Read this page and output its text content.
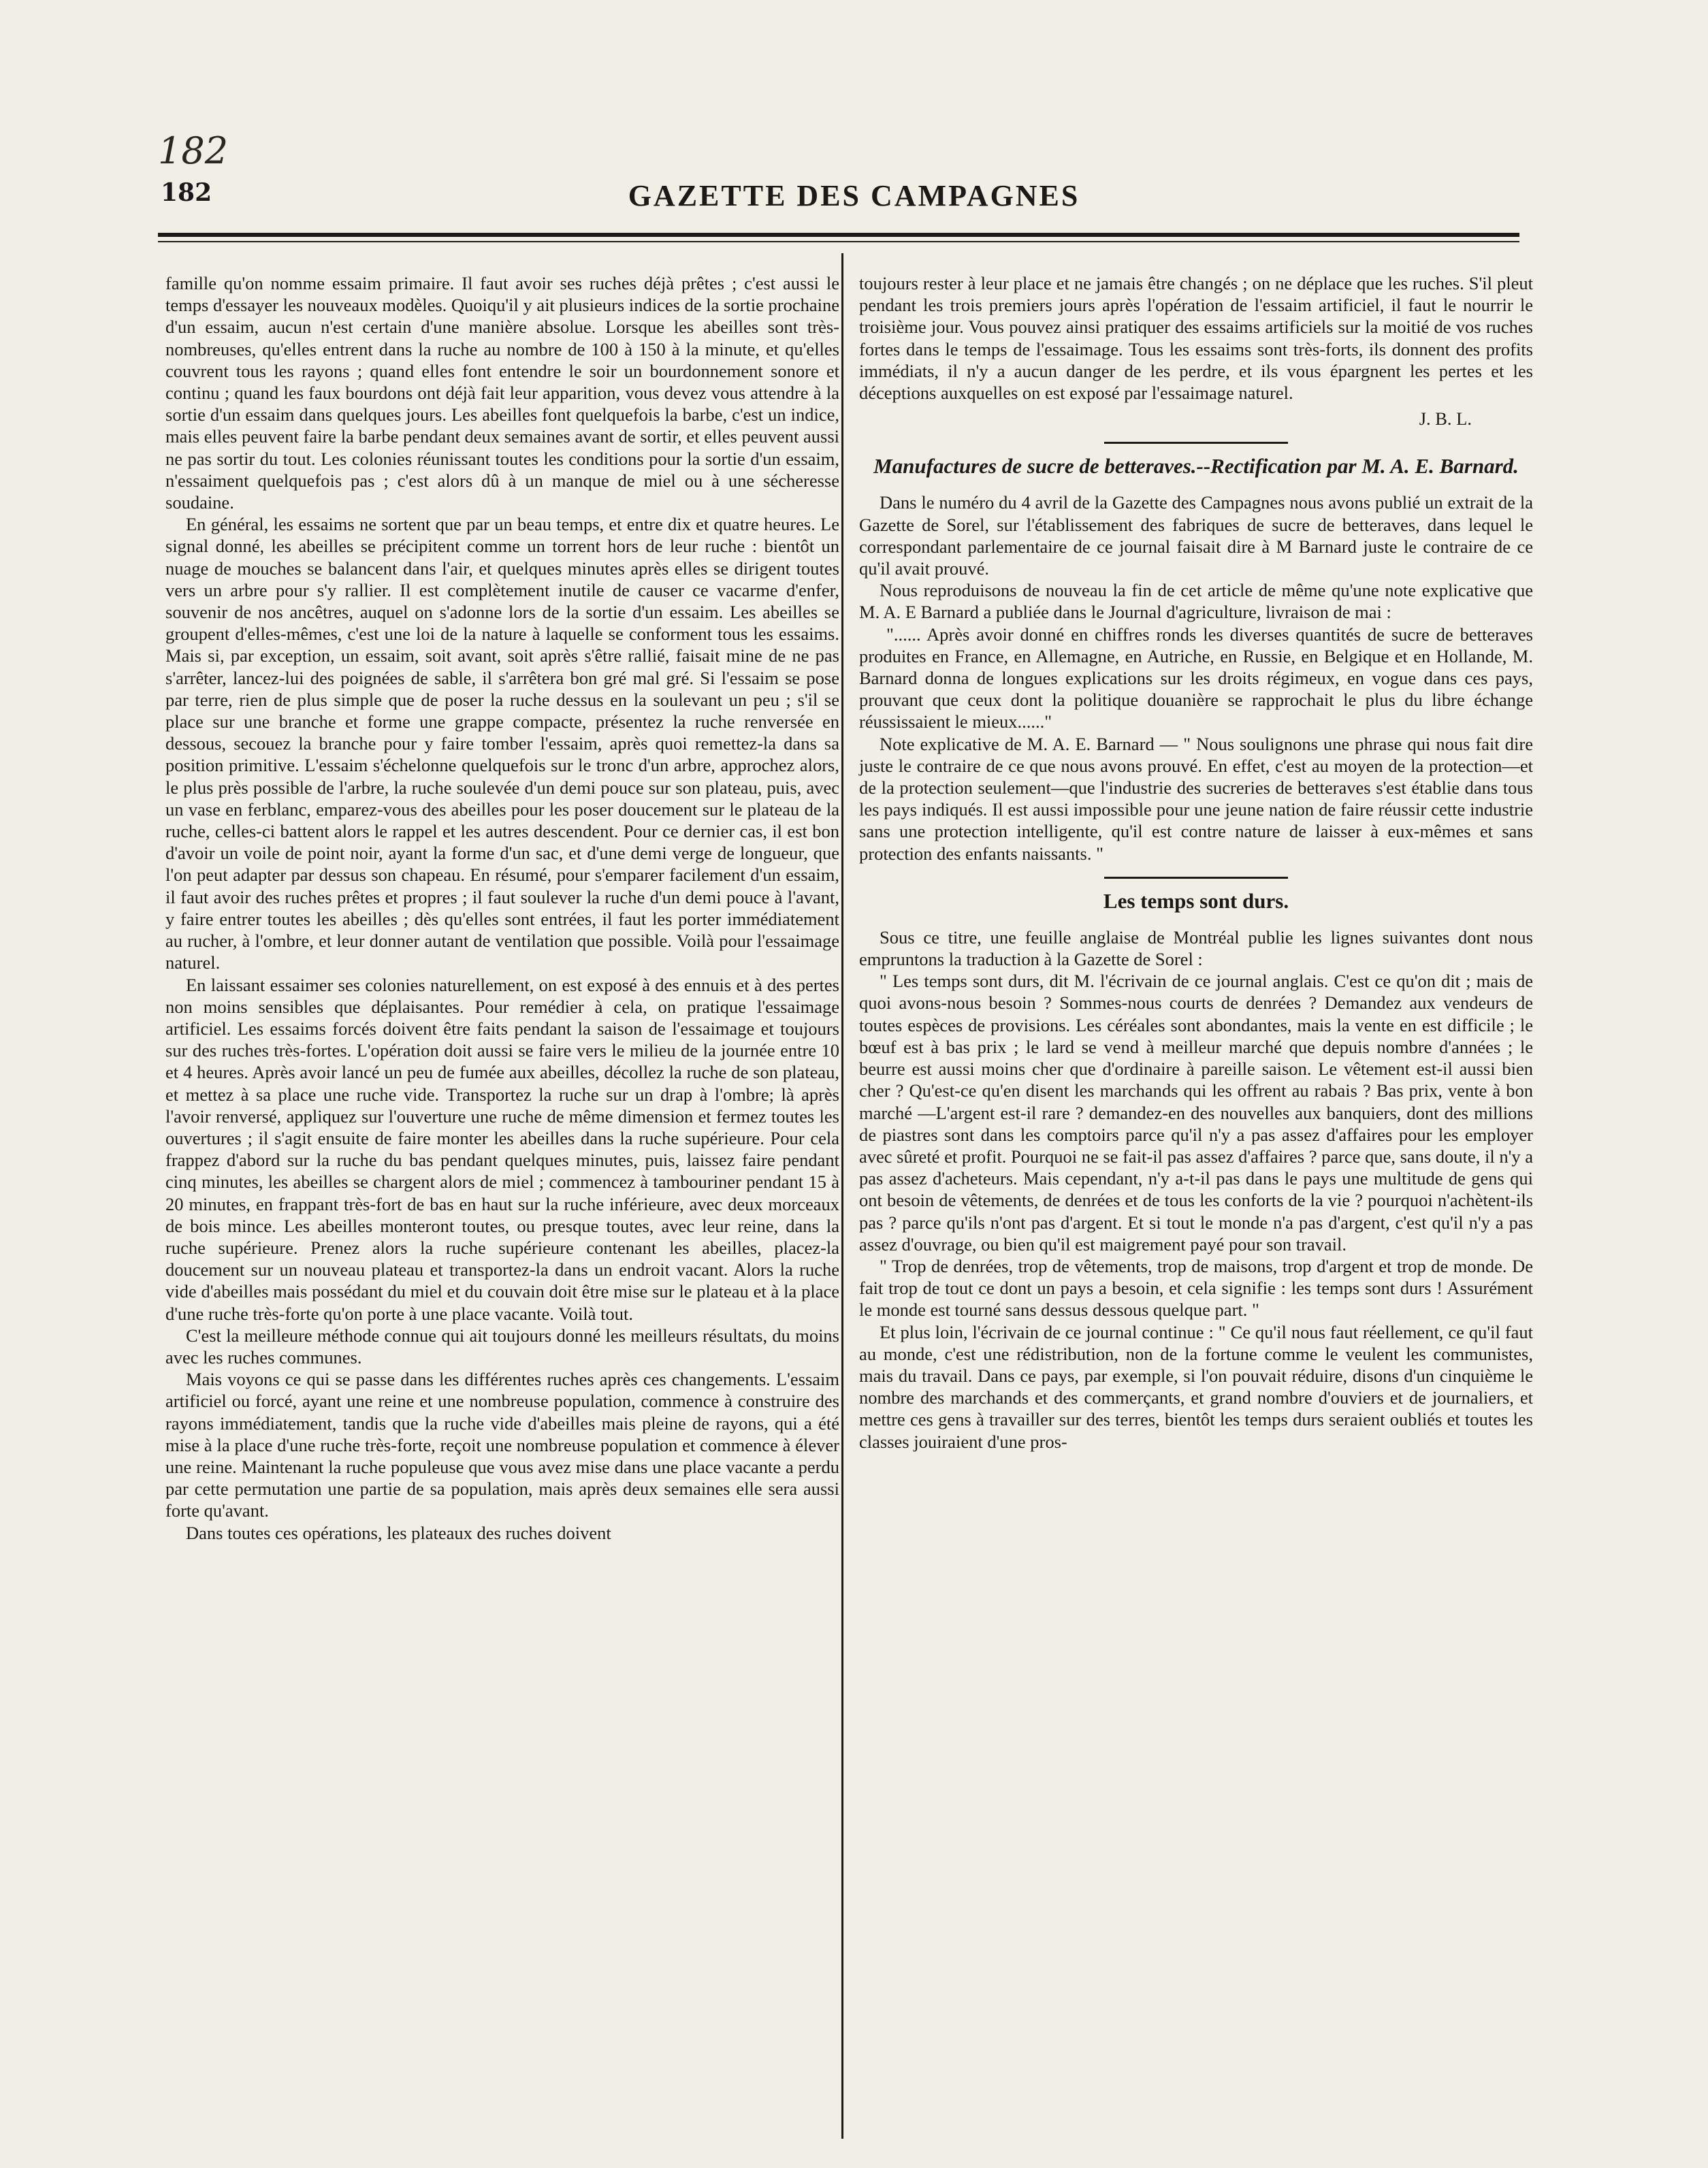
182
182	GAZETTE DES CAMPAGNES

famille qu'on nomme essaim primaire. Il faut avoir ses ruches déjà prêtes ; c'est aussi le temps d'essayer les nouveaux modèles. Quoiqu'il y ait plusieurs indices de la sortie prochaine d'un essaim, aucun n'est certain d'une manière absolue. Lorsque les abeilles sont très-nombreuses, qu'elles entrent dans la ruche au nombre de 100 à 150 à la minute, et qu'elles couvrent tous les rayons ; quand elles font entendre le soir un bourdonnement sonore et continu ; quand les faux bourdons ont déjà fait leur apparition, vous devez vous attendre à la sortie d'un essaim dans quelques jours. Les abeilles font quelquefois la barbe, c'est un indice, mais elles peuvent faire la barbe pendant deux semaines avant de sortir, et elles peuvent aussi ne pas sortir du tout. Les colonies réunissant toutes les conditions pour la sortie d'un essaim, n'essaiment quelquefois pas ; c'est alors dû à un manque de miel ou à une sécheresse soudaine.

En général, les essaims ne sortent que par un beau temps, et entre dix et quatre heures. Le signal donné, les abeilles se précipitent comme un torrent hors de leur ruche : bientôt un nuage de mouches se balancent dans l'air, et quelques minutes après elles se dirigent toutes vers un arbre pour s'y rallier. Il est complètement inutile de causer ce vacarme d'enfer, souvenir de nos ancêtres, auquel on s'adonne lors de la sortie d'un essaim. Les abeilles se groupent d'elles-mêmes, c'est une loi de la nature à laquelle se conforment tous les essaims. Mais si, par exception, un essaim, soit avant, soit après s'être rallié, faisait mine de ne pas s'arrêter, lancez-lui des poignées de sable, il s'arrêtera bon gré mal gré. Si l'essaim se pose par terre, rien de plus simple que de poser la ruche dessus en la soulevant un peu ; s'il se place sur une branche et forme une grappe compacte, présentez la ruche renversée en dessous, secouez la branche pour y faire tomber l'essaim, après quoi remettez-la dans sa position primitive. L'essaim s'échelonne quelquefois sur le tronc d'un arbre, approchez alors, le plus près possible de l'arbre, la ruche soulevée d'un demi pouce sur son plateau, puis, avec un vase en ferblanc, emparez-vous des abeilles pour les poser doucement sur le plateau de la ruche, celles-ci battent alors le rappel et les autres descendent. Pour ce dernier cas, il est bon d'avoir un voile de point noir, ayant la forme d'un sac, et d'une demi verge de longueur, que l'on peut adapter par dessus son chapeau. En résumé, pour s'emparer facilement d'un essaim, il faut avoir des ruches prêtes et propres ; il faut soulever la ruche d'un demi pouce à l'avant, y faire entrer toutes les abeilles ; dès qu'elles sont entrées, il faut les porter immédiatement au rucher, à l'ombre, et leur donner autant de ventilation que possible. Voilà pour l'essaimage naturel.

En laissant essaimer ses colonies naturellement, on est exposé à des ennuis et à des pertes non moins sensibles que déplaisantes. Pour remédier à cela, on pratique l'essaimage artificiel. Les essaims forcés doivent être faits pendant la saison de l'essaimage et toujours sur des ruches très-fortes. L'opération doit aussi se faire vers le milieu de la journée entre 10 et 4 heures. Après avoir lancé un peu de fumée aux abeilles, décollez la ruche de son plateau, et mettez à sa place une ruche vide. Transportez la ruche sur un drap à l'ombre; là après l'avoir renversé, appliquez sur l'ouverture une ruche de même dimension et fermez toutes les ouvertures ; il s'agit ensuite de faire monter les abeilles dans la ruche supérieure. Pour cela frappez d'abord sur la ruche du bas pendant quelques minutes, puis, laissez faire pendant cinq minutes, les abeilles se chargent alors de miel ; commencez à tambouriner pendant 15 à 20 minutes, en frappant très-fort de bas en haut sur la ruche inférieure, avec deux morceaux de bois mince. Les abeilles monteront toutes, ou presque toutes, avec leur reine, dans la ruche supérieure. Prenez alors la ruche supérieure contenant les abeilles, placez-la doucement sur un nouveau plateau et transportez-la dans un endroit vacant. Alors la ruche vide d'abeilles mais possédant du miel et du couvain doit être mise sur le plateau et à la place d'une ruche très-forte qu'on porte à une place vacante. Voilà tout.

C'est la meilleure méthode connue qui ait toujours donné les meilleurs résultats, du moins avec les ruches communes.

Mais voyons ce qui se passe dans les différentes ruches après ces changements. L'essaim artificiel ou forcé, ayant une reine et une nombreuse population, commence à construire des rayons immédiatement, tandis que la ruche vide d'abeilles mais pleine de rayons, qui a été mise à la place d'une ruche très-forte, reçoit une nombreuse population et commence à élever une reine. Maintenant la ruche populeuse que vous avez mise dans une place vacante a perdu par cette permutation une partie de sa population, mais après deux semaines elle sera aussi forte qu'avant.

Dans toutes ces opérations, les plateaux des ruches doivent

toujours rester à leur place et ne jamais être changés ; on ne déplace que les ruches. S'il pleut pendant les trois premiers jours après l'opération de l'essaim artificiel, il faut le nourrir le troisième jour. Vous pouvez ainsi pratiquer des essaims artificiels sur la moitié de vos ruches fortes dans le temps de l'essaimage. Tous les essaims sont très-forts, ils donnent des profits immédiats, il n'y a aucun danger de les perdre, et ils vous épargnent les pertes et les déceptions auxquelles on est exposé par l'essaimage naturel.

J. B. L.

Manufactures de sucre de betteraves.--Rectification par M. A. E. Barnard.

Dans le numéro du 4 avril de la Gazette des Campagnes nous avons publié un extrait de la Gazette de Sorel, sur l'établissement des fabriques de sucre de betteraves, dans lequel le correspondant parlementaire de ce journal faisait dire à M Barnard juste le contraire de ce qu'il avait prouvé.

Nous reproduisons de nouveau la fin de cet article de même qu'une note explicative que M. A. E Barnard a publiée dans le Journal d'agriculture, livraison de mai :

"...... Après avoir donné en chiffres ronds les diverses quantités de sucre de betteraves produites en France, en Allemagne, en Autriche, en Russie, en Belgique et en Hollande, M. Barnard donna de longues explications sur les droits régimeux, en vogue dans ces pays, prouvant que ceux dont la politique douanière se rapprochait le plus du libre échange réussissaient le mieux......"

Note explicative de M. A. E. Barnard — " Nous soulignons une phrase qui nous fait dire juste le contraire de ce que nous avons prouvé. En effet, c'est au moyen de la protection—et de la protection seulement—que l'industrie des sucreries de betteraves s'est établie dans tous les pays indiqués. Il est aussi impossible pour une jeune nation de faire réussir cette industrie sans une protection intelligente, qu'il est contre nature de laisser à eux-mêmes et sans protection des enfants naissants. "

Les temps sont durs.

Sous ce titre, une feuille anglaise de Montréal publie les lignes suivantes dont nous empruntons la traduction à la Gazette de Sorel :

" Les temps sont durs, dit M. l'écrivain de ce journal anglais. C'est ce qu'on dit ; mais de quoi avons-nous besoin ? Sommes-nous courts de denrées ? Demandez aux vendeurs de toutes espèces de provisions. Les céréales sont abondantes, mais la vente en est difficile ; le bœuf est à bas prix ; le lard se vend à meilleur marché que depuis nombre d'années ; le beurre est aussi moins cher que d'ordinaire à pareille saison. Le vêtement est-il aussi bien cher ? Qu'est-ce qu'en disent les marchands qui les offrent au rabais ? Bas prix, vente à bon marché —L'argent est-il rare ? demandez-en des nouvelles aux banquiers, dont des millions de piastres sont dans les comptoirs parce qu'il n'y a pas assez d'affaires pour les employer avec sûreté et profit. Pourquoi ne se fait-il pas assez d'affaires ? parce que, sans doute, il n'y a pas assez d'acheteurs. Mais cependant, n'y a-t-il pas dans le pays une multitude de gens qui ont besoin de vêtements, de denrées et de tous les conforts de la vie ? pourquoi n'achètent-ils pas ? parce qu'ils n'ont pas d'argent. Et si tout le monde n'a pas d'argent, c'est qu'il n'y a pas assez d'ouvrage, ou bien qu'il est maigrement payé pour son travail.

" Trop de denrées, trop de vêtements, trop de maisons, trop d'argent et trop de monde. De fait trop de tout ce dont un pays a besoin, et cela signifie : les temps sont durs ! Assurément le monde est tourné sans dessus dessous quelque part. "

Et plus loin, l'écrivain de ce journal continue : " Ce qu'il nous faut réellement, ce qu'il faut au monde, c'est une rédistribution, non de la fortune comme le veulent les communistes, mais du travail. Dans ce pays, par exemple, si l'on pouvait réduire, disons d'un cinquième le nombre des marchands et des commerçants, et grand nombre d'ouviers et de journaliers, et mettre ces gens à travailler sur des terres, bientôt les temps durs seraient oubliés et toutes les classes jouiraient d'une pros-
